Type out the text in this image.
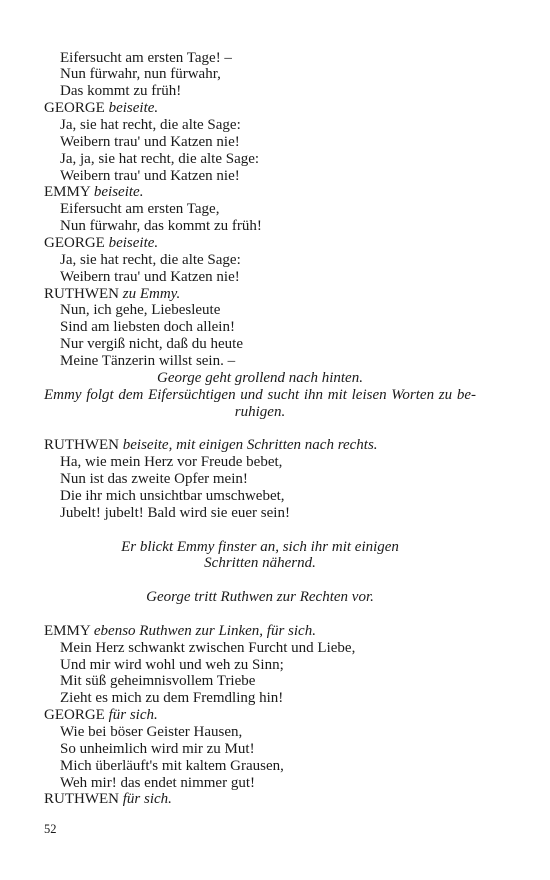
Eifersucht am ersten Tage! –
Nun fürwahr, nun fürwahr,
Das kommt zu früh!
GEORGE beiseite.
Ja, sie hat recht, die alte Sage:
Weibern trau' und Katzen nie!
Ja, ja, sie hat recht, die alte Sage:
Weibern trau' und Katzen nie!
EMMY beiseite.
Eifersucht am ersten Tage,
Nun fürwahr, das kommt zu früh!
GEORGE beiseite.
Ja, sie hat recht, die alte Sage:
Weibern trau' und Katzen nie!
RUTHWEN zu Emmy.
Nun, ich gehe, Liebesleute
Sind am liebsten doch allein!
Nur vergiß nicht, daß du heute
Meine Tänzerin willst sein. –
George geht grollend nach hinten.
Emmy folgt dem Eifersüchtigen und sucht ihn mit leisen Worten zu be-
ruhigen.
RUTHWEN beiseite, mit einigen Schritten nach rechts.
Ha, wie mein Herz vor Freude bebet,
Nun ist das zweite Opfer mein!
Die ihr mich unsichtbar umschwebet,
Jubelt! jubelt! Bald wird sie euer sein!
Er blickt Emmy finster an, sich ihr mit einigen
Schritten nähernd.
George tritt Ruthwen zur Rechten vor.
EMMY ebenso Ruthwen zur Linken, für sich.
Mein Herz schwankt zwischen Furcht und Liebe,
Und mir wird wohl und weh zu Sinn;
Mit süß geheimnisvollem Triebe
Zieht es mich zu dem Fremdling hin!
GEORGE für sich.
Wie bei böser Geister Hausen,
So unheimlich wird mir zu Mut!
Mich überläuft's mit kaltem Grausen,
Weh mir! das endet nimmer gut!
RUTHWEN für sich.
52
